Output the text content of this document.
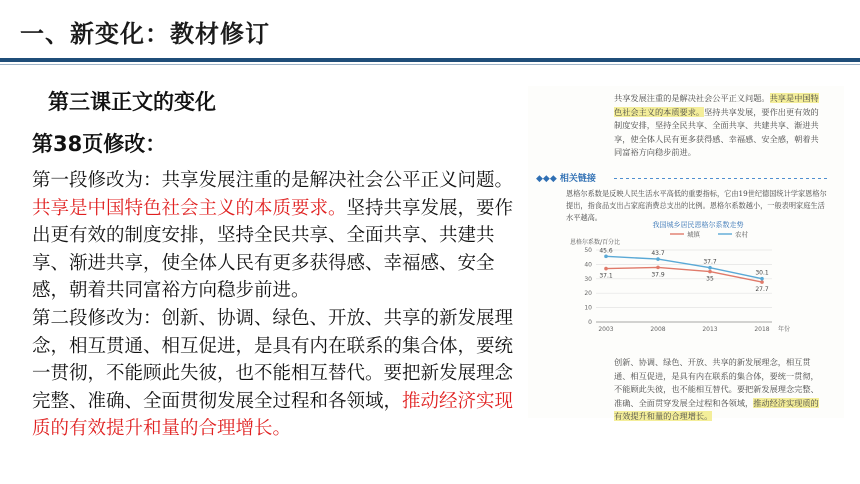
一、新变化：教材修订
第三课正文的变化
第38页修改：

第一段修改为：共享发展注重的是解决社会公平正义问题。共享是中国特色社会主义的本质要求。坚持共享发展，要作出更有效的制度安排，坚持全民共享、全面共享、共建共享、渐进共享，使全体人民有更多获得感、幸福感、安全感，朝着共同富裕方向稳步前进。

第二段修改为：创新、协调、绿色、开放、共享的新发展理念，相互贯通、相互促进，是具有内在联系的集合体，要统一贯彻，不能顾此失彼，也不能相互替代。要把新发展理念完整、准确、全面贯彻发展全过程和各领域，推动经济实现质的有效提升和量的合理增长。

共享发展注重的是解决社会公平正义问题。共享是中国特色社会主义的本质要求。坚持共享发展，要作出更有效的制度安排，坚持全民共享、全面共享、共建共享、渐进共享，使全体人民有更多获得感、幸福感、安全感，朝着共同富裕方向稳步前进。

◆◆◆ 相关链接

恩格尔系数是反映人民生活水平高低的重要指标，它由19世纪德国统计学家恩格尔提出，指食品支出占家庭消费总支出的比例。恩格尔系数越小，一般表明家庭生活水平越高。

我国城乡居民恩格尔系数走势
城镇	农村
恩格尔系数/百分比
0
10
20
30
40
50
2003	2008	2013	2018 年份
37.1	37.9
35
27.7
45.6	43.7
37.7
30.1

创新、协调、绿色、开放、共享的新发展理念，相互贯通、相互促进，是具有内在联系的集合体，要统一贯彻，不能顾此失彼，也不能相互替代。要把新发展理念完整、准确、全面贯穿发展全过程和各领域，推动经济实现质的有效提升和量的合理增长。
